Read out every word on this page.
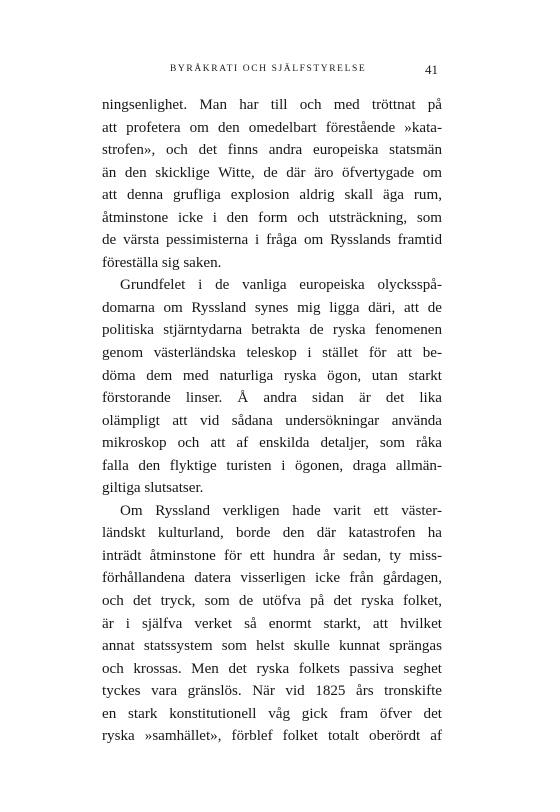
BYRÅKRATI OCH SJÄLFSTYRELSE	41
ningsenlighet. Man har till och med tröttnat på
att profetera om den omedelbart förestående »kata-
strofen», och det finns andra europeiska statsmän
än den skicklige Witte, de där äro öfvertygade om
att denna grufliga explosion aldrig skall äga rum,
åtminstone icke i den form och utsträckning, som
de värsta pessimisterna i fråga om Rysslands framtid
föreställa sig saken.
Grundfelet i de vanliga europeiska olycksspå-
domarna om Ryssland synes mig ligga däri, att de
politiska stjärntydarna betrakta de ryska fenomenen
genom västerländska teleskop i stället för att be-
döma dem med naturliga ryska ögon, utan starkt
förstorande linser. Å andra sidan är det lika
olämpligt att vid sådana undersökningar använda
mikroskop och att af enskilda detaljer, som råka
falla den flyktige turisten i ögonen, draga allmän-
giltiga slutsatser.
Om Ryssland verkligen hade varit ett väster-
ländskt kulturland, borde den där katastrofen ha
inträdt åtminstone för ett hundra år sedan, ty miss-
förhållandena datera visserligen icke från gårdagen,
och det tryck, som de utöfva på det ryska folket,
är i själfva verket så enormt starkt, att hvilket
annat statssystem som helst skulle kunnat sprängas
och krossas. Men det ryska folkets passiva seghet
tyckes vara gränslös. När vid 1825 års tronskifte
en stark konstitutionell våg gick fram öfver det
ryska »samhället», förblef folket totalt oberördt af
